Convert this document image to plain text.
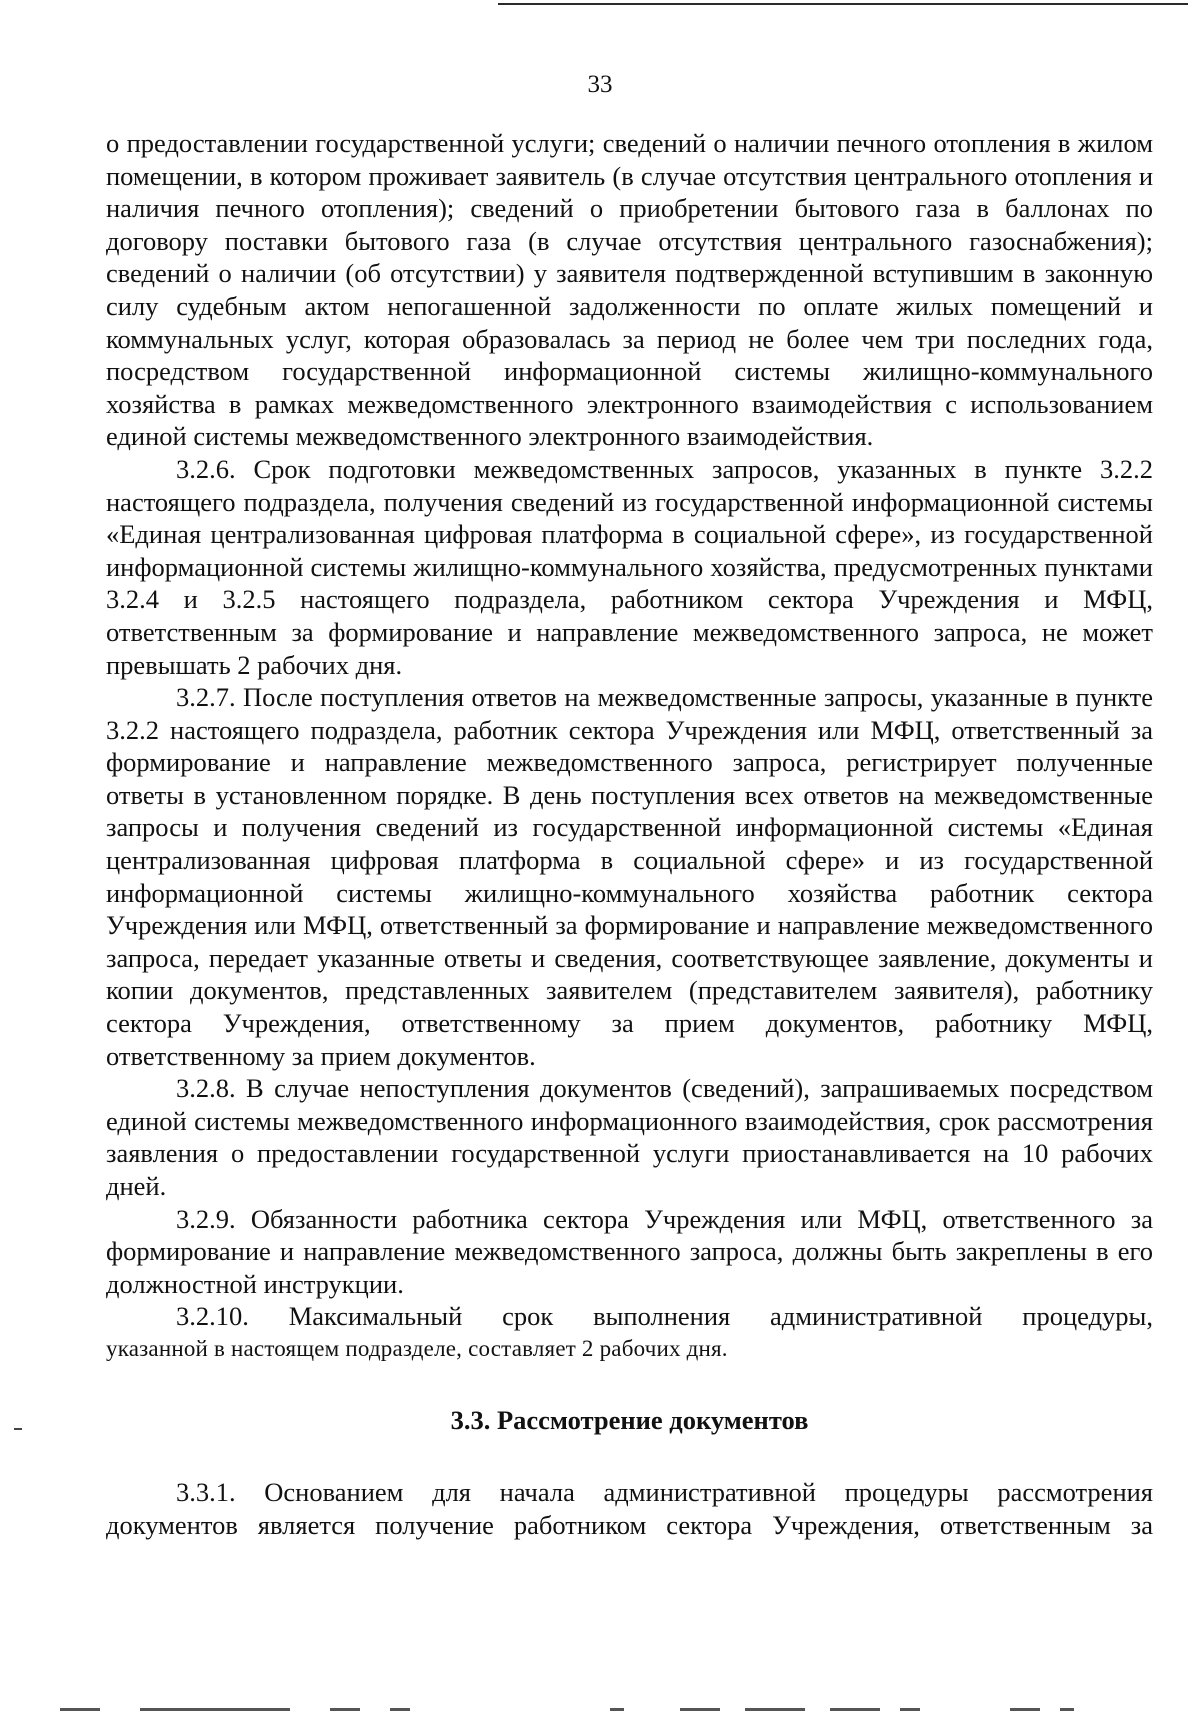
33

о предоставлении государственной услуги; сведений о наличии печного отопления в жилом помещении, в котором проживает заявитель (в случае отсутствия центрального отопления и наличия печного отопления); сведений о приобретении бытового газа в баллонах по договору поставки бытового газа (в случае отсутствия центрального газоснабжения); сведений о наличии (об отсутствии) у заявителя подтвержденной вступившим в законную силу судебным актом непогашенной задолженности по оплате жилых помещений и коммунальных услуг, которая образовалась за период не более чем три последних года, посредством государственной информационной системы жилищно-коммунального хозяйства в рамках межведомственного электронного взаимодействия с использованием единой системы межведомственного электронного взаимодействия.

3.2.6. Срок подготовки межведомственных запросов, указанных в пункте 3.2.2 настоящего подраздела, получения сведений из государственной информационной системы «Единая централизованная цифровая платформа в социальной сфере», из государственной информационной системы жилищно-коммунального хозяйства, предусмотренных пунктами 3.2.4 и 3.2.5 настоящего подраздела, работником сектора Учреждения и МФЦ, ответственным за формирование и направление межведомственного запроса, не может превышать 2 рабочих дня.

3.2.7. После поступления ответов на межведомственные запросы, указанные в пункте 3.2.2 настоящего подраздела, работник сектора Учреждения или МФЦ, ответственный за формирование и направление межведомственного запроса, регистрирует полученные ответы в установленном порядке. В день поступления всех ответов на межведомственные запросы и получения сведений из государственной информационной системы «Единая централизованная цифровая платформа в социальной сфере» и из государственной информационной системы жилищно-коммунального хозяйства работник сектора Учреждения или МФЦ, ответственный за формирование и направление межведомственного запроса, передает указанные ответы и сведения, соответствующее заявление, документы и копии документов, представленных заявителем (представителем заявителя), работнику сектора Учреждения, ответственному за прием документов, работнику МФЦ, ответственному за прием документов.

3.2.8. В случае непоступления документов (сведений), запрашиваемых посредством единой системы межведомственного информационного взаимодействия, срок рассмотрения заявления о предоставлении государственной услуги приостанавливается на 10 рабочих дней.

3.2.9. Обязанности работника сектора Учреждения или МФЦ, ответственного за формирование и направление межведомственного запроса, должны быть закреплены в его должностной инструкции.

3.2.10. Максимальный срок выполнения административной процедуры,

указанной в настоящем подразделе, составляет 2 рабочих дня.

3.3. Рассмотрение документов

3.3.1. Основанием для начала административной процедуры рассмотрения документов является получение работником сектора Учреждения, ответственным за
